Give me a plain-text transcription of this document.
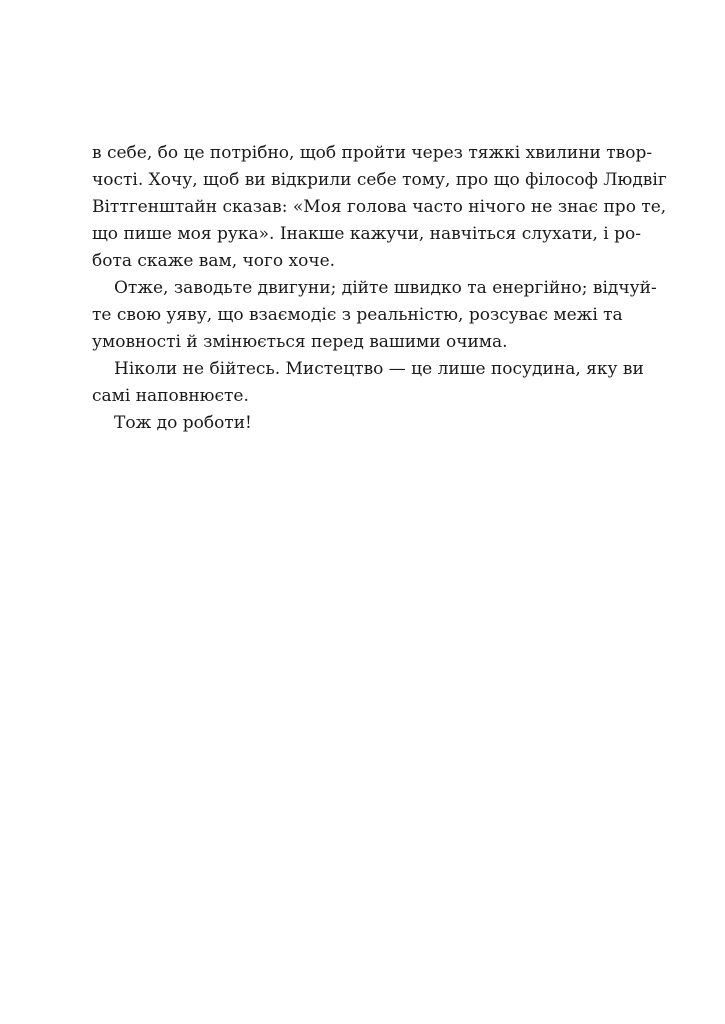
в себе, бо це потрібно, щоб пройти через тяжкі хвилини твор-
чості. Хочу, щоб ви відкрили себе тому, про що філософ Людвіг
Віттгенштайн сказав: «Моя голова часто нічого не знає про те,
що пише моя рука». Інакше кажучи, навчіться слухати, і ро-
бота скаже вам, чого хоче.
Отже, заводьте двигуни; дійте швидко та енергійно; відчуй-
те свою уяву, що взаємодіє з реальністю, розсуває межі та
умовності й змінюється перед вашими очима.
Ніколи не бійтесь. Мистецтво — це лише посудина, яку ви
самі наповнюєте.
Тож до роботи!
